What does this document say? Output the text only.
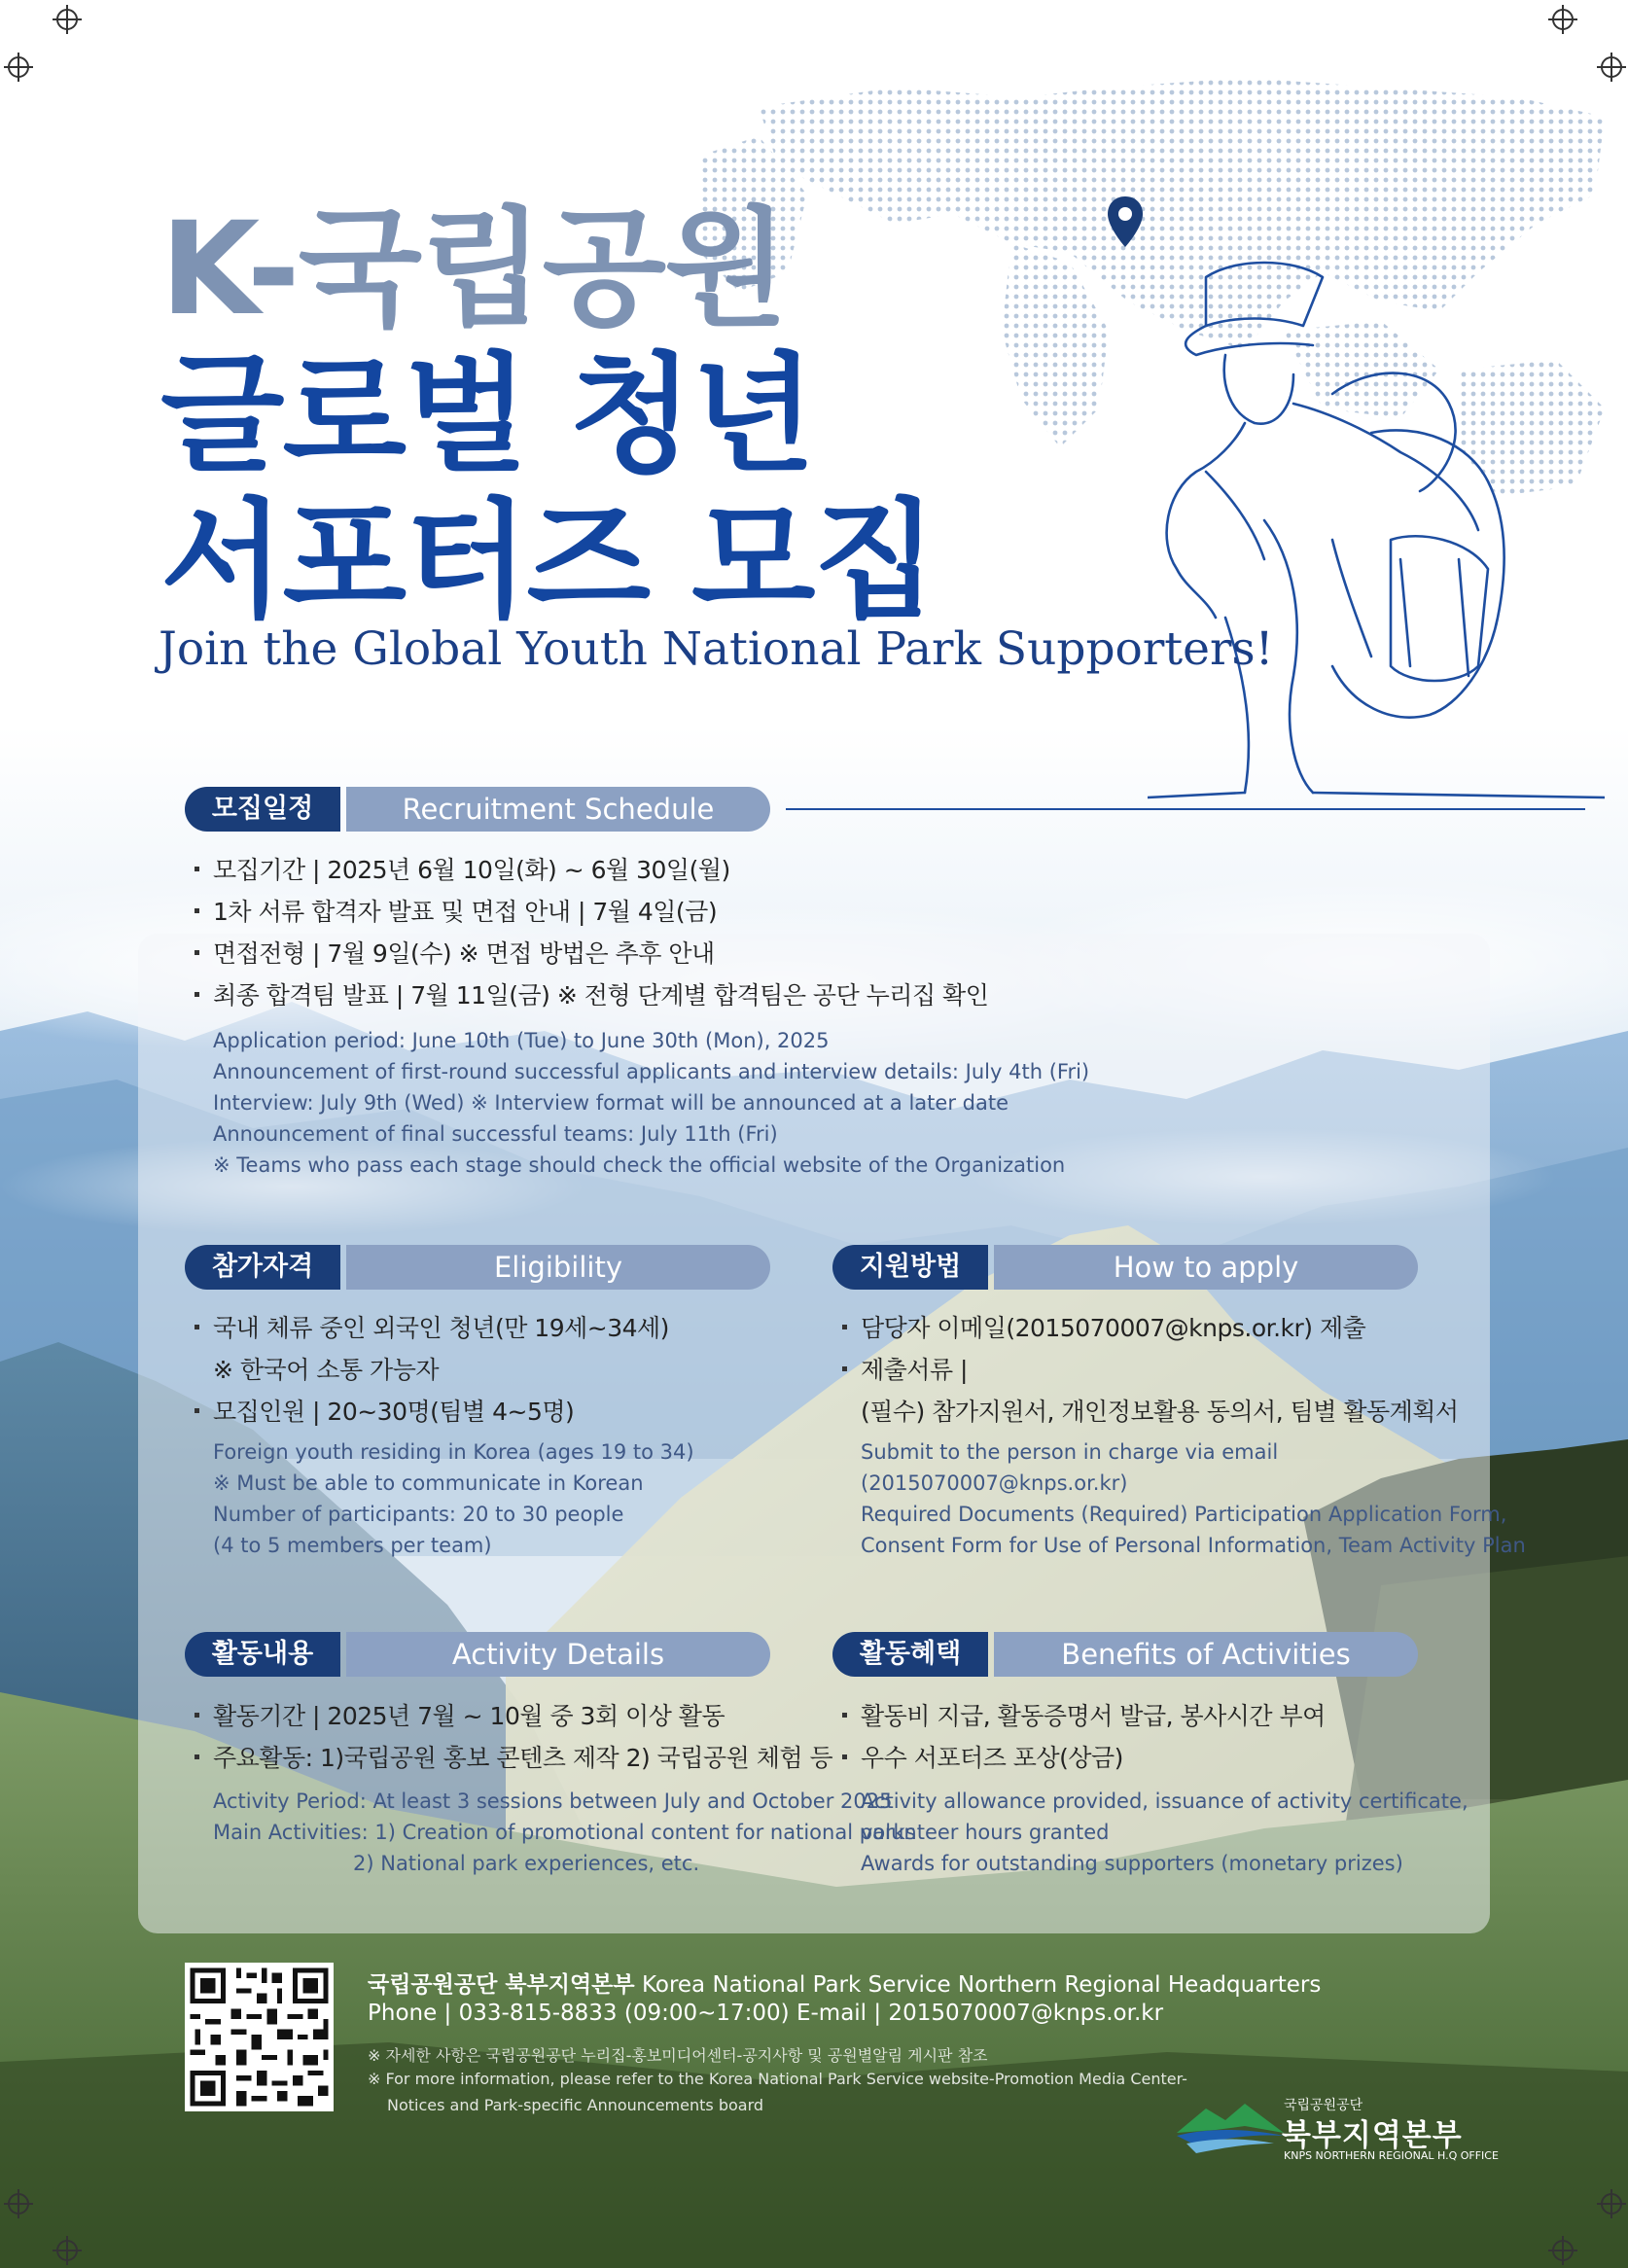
K-국립공원
글로벌 청년
서포터즈 모집
Join the Global Youth National Park Supporters!
모집일정	Recruitment Schedule
모집기간 | 2025년 6월 10일(화) ~ 6월 30일(월)
1차 서류 합격자 발표 및 면접 안내 | 7월 4일(금)
면접전형 | 7월 9일(수) ※ 면접 방법은 추후 안내
최종 합격팀 발표 | 7월 11일(금) ※ 전형 단계별 합격팀은 공단 누리집 확인
Application period: June 10th (Tue) to June 30th (Mon), 2025
Announcement of first-round successful applicants and interview details: July 4th (Fri)
Interview: July 9th (Wed) ※ Interview format will be announced at a later date
Announcement of final successful teams: July 11th (Fri)
※ Teams who pass each stage should check the official website of the Organization
참가자격	Eligibility
국내 체류 중인 외국인 청년(만 19세~34세)
※ 한국어 소통 가능자
모집인원 | 20~30명(팀별 4~5명)
Foreign youth residing in Korea (ages 19 to 34)
※ Must be able to communicate in Korean
Number of participants: 20 to 30 people
(4 to 5 members per team)
지원방법	How to apply
담당자 이메일(2015070007@knps.or.kr) 제출
제출서류 |
(필수) 참가지원서, 개인정보활용 동의서, 팀별 활동계획서
Submit to the person in charge via email
(2015070007@knps.or.kr)
Required Documents (Required) Participation Application Form,
Consent Form for Use of Personal Information, Team Activity Plan
활동내용	Activity Details
활동기간 | 2025년 7월 ~ 10월 중 3회 이상 활동
주요활동: 1)국립공원 홍보 콘텐츠 제작 2) 국립공원 체험 등
Activity Period: At least 3 sessions between July and October 2025
Main Activities: 1) Creation of promotional content for national parks
2) National park experiences, etc.
활동혜택	Benefits of Activities
활동비 지급, 활동증명서 발급, 봉사시간 부여
우수 서포터즈 포상(상금)
Activity allowance provided, issuance of activity certificate,
volunteer hours granted
Awards for outstanding supporters (monetary prizes)
국립공원공단 북부지역본부 Korea National Park Service Northern Regional Headquarters
Phone | 033-815-8833 (09:00~17:00) E-mail | 2015070007@knps.or.kr
※ 자세한 사항은 국립공원공단 누리집-홍보미디어센터-공지사항 및 공원별알림 게시판 참조
※ For more information, please refer to the Korea National Park Service website-Promotion Media Center-
Notices and Park-specific Announcements board	국립공원공단
북부지역본부
KNPS NORTHERN REGIONAL H.Q OFFICE
